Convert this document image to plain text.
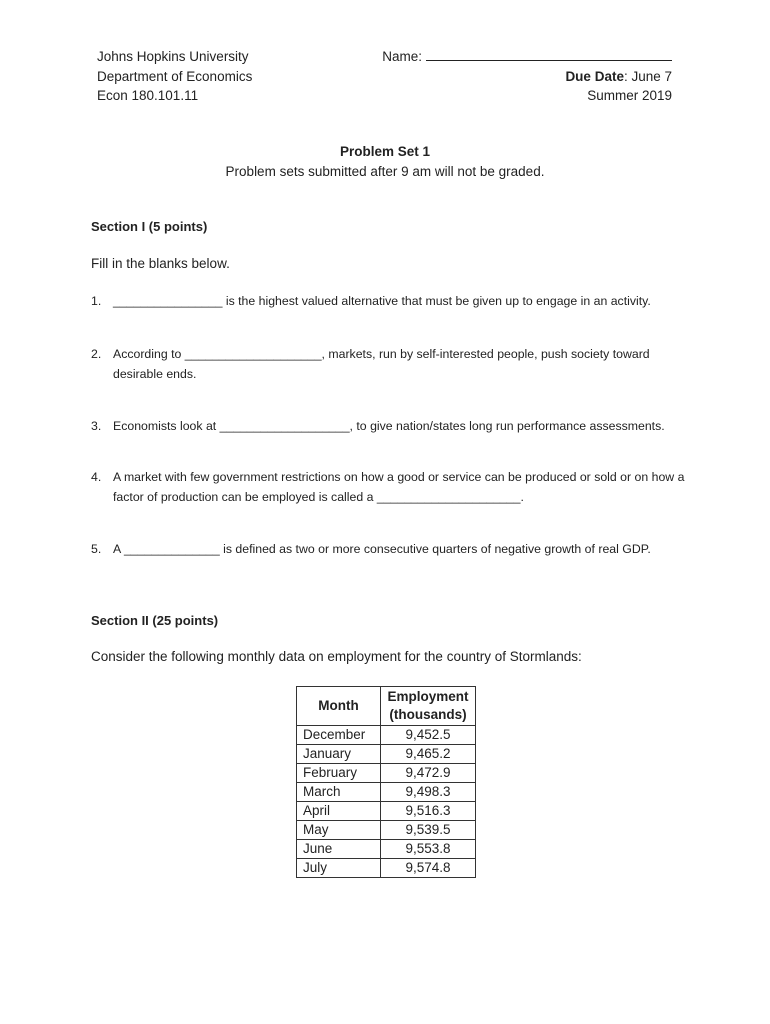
Johns Hopkins University
Department of Economics
Econ 180.101.11
Name:
Due Date: June 7
Summer 2019
Problem Set 1
Problem sets submitted after 9 am will not be graded.
Section I (5 points)
Fill in the blanks below.
1. ________________ is the highest valued alternative that must be given up to engage in an activity.
2. According to ____________________, markets, run by self-interested people, push society toward desirable ends.
3. Economists look at ___________________, to give nation/states long run performance assessments.
4. A market with few government restrictions on how a good or service can be produced or sold or on how a factor of production can be employed is called a _____________________.
5. A ______________ is defined as two or more consecutive quarters of negative growth of real GDP.
Section II (25 points)
Consider the following monthly data on employment for the country of Stormlands:
Month	Employment
(thousands)

December	9,452.5
January	9,465.2
February	9,472.9
March	9,498.3
April	9,516.3
May	9,539.5
June	9,553.8
July	9,574.8
